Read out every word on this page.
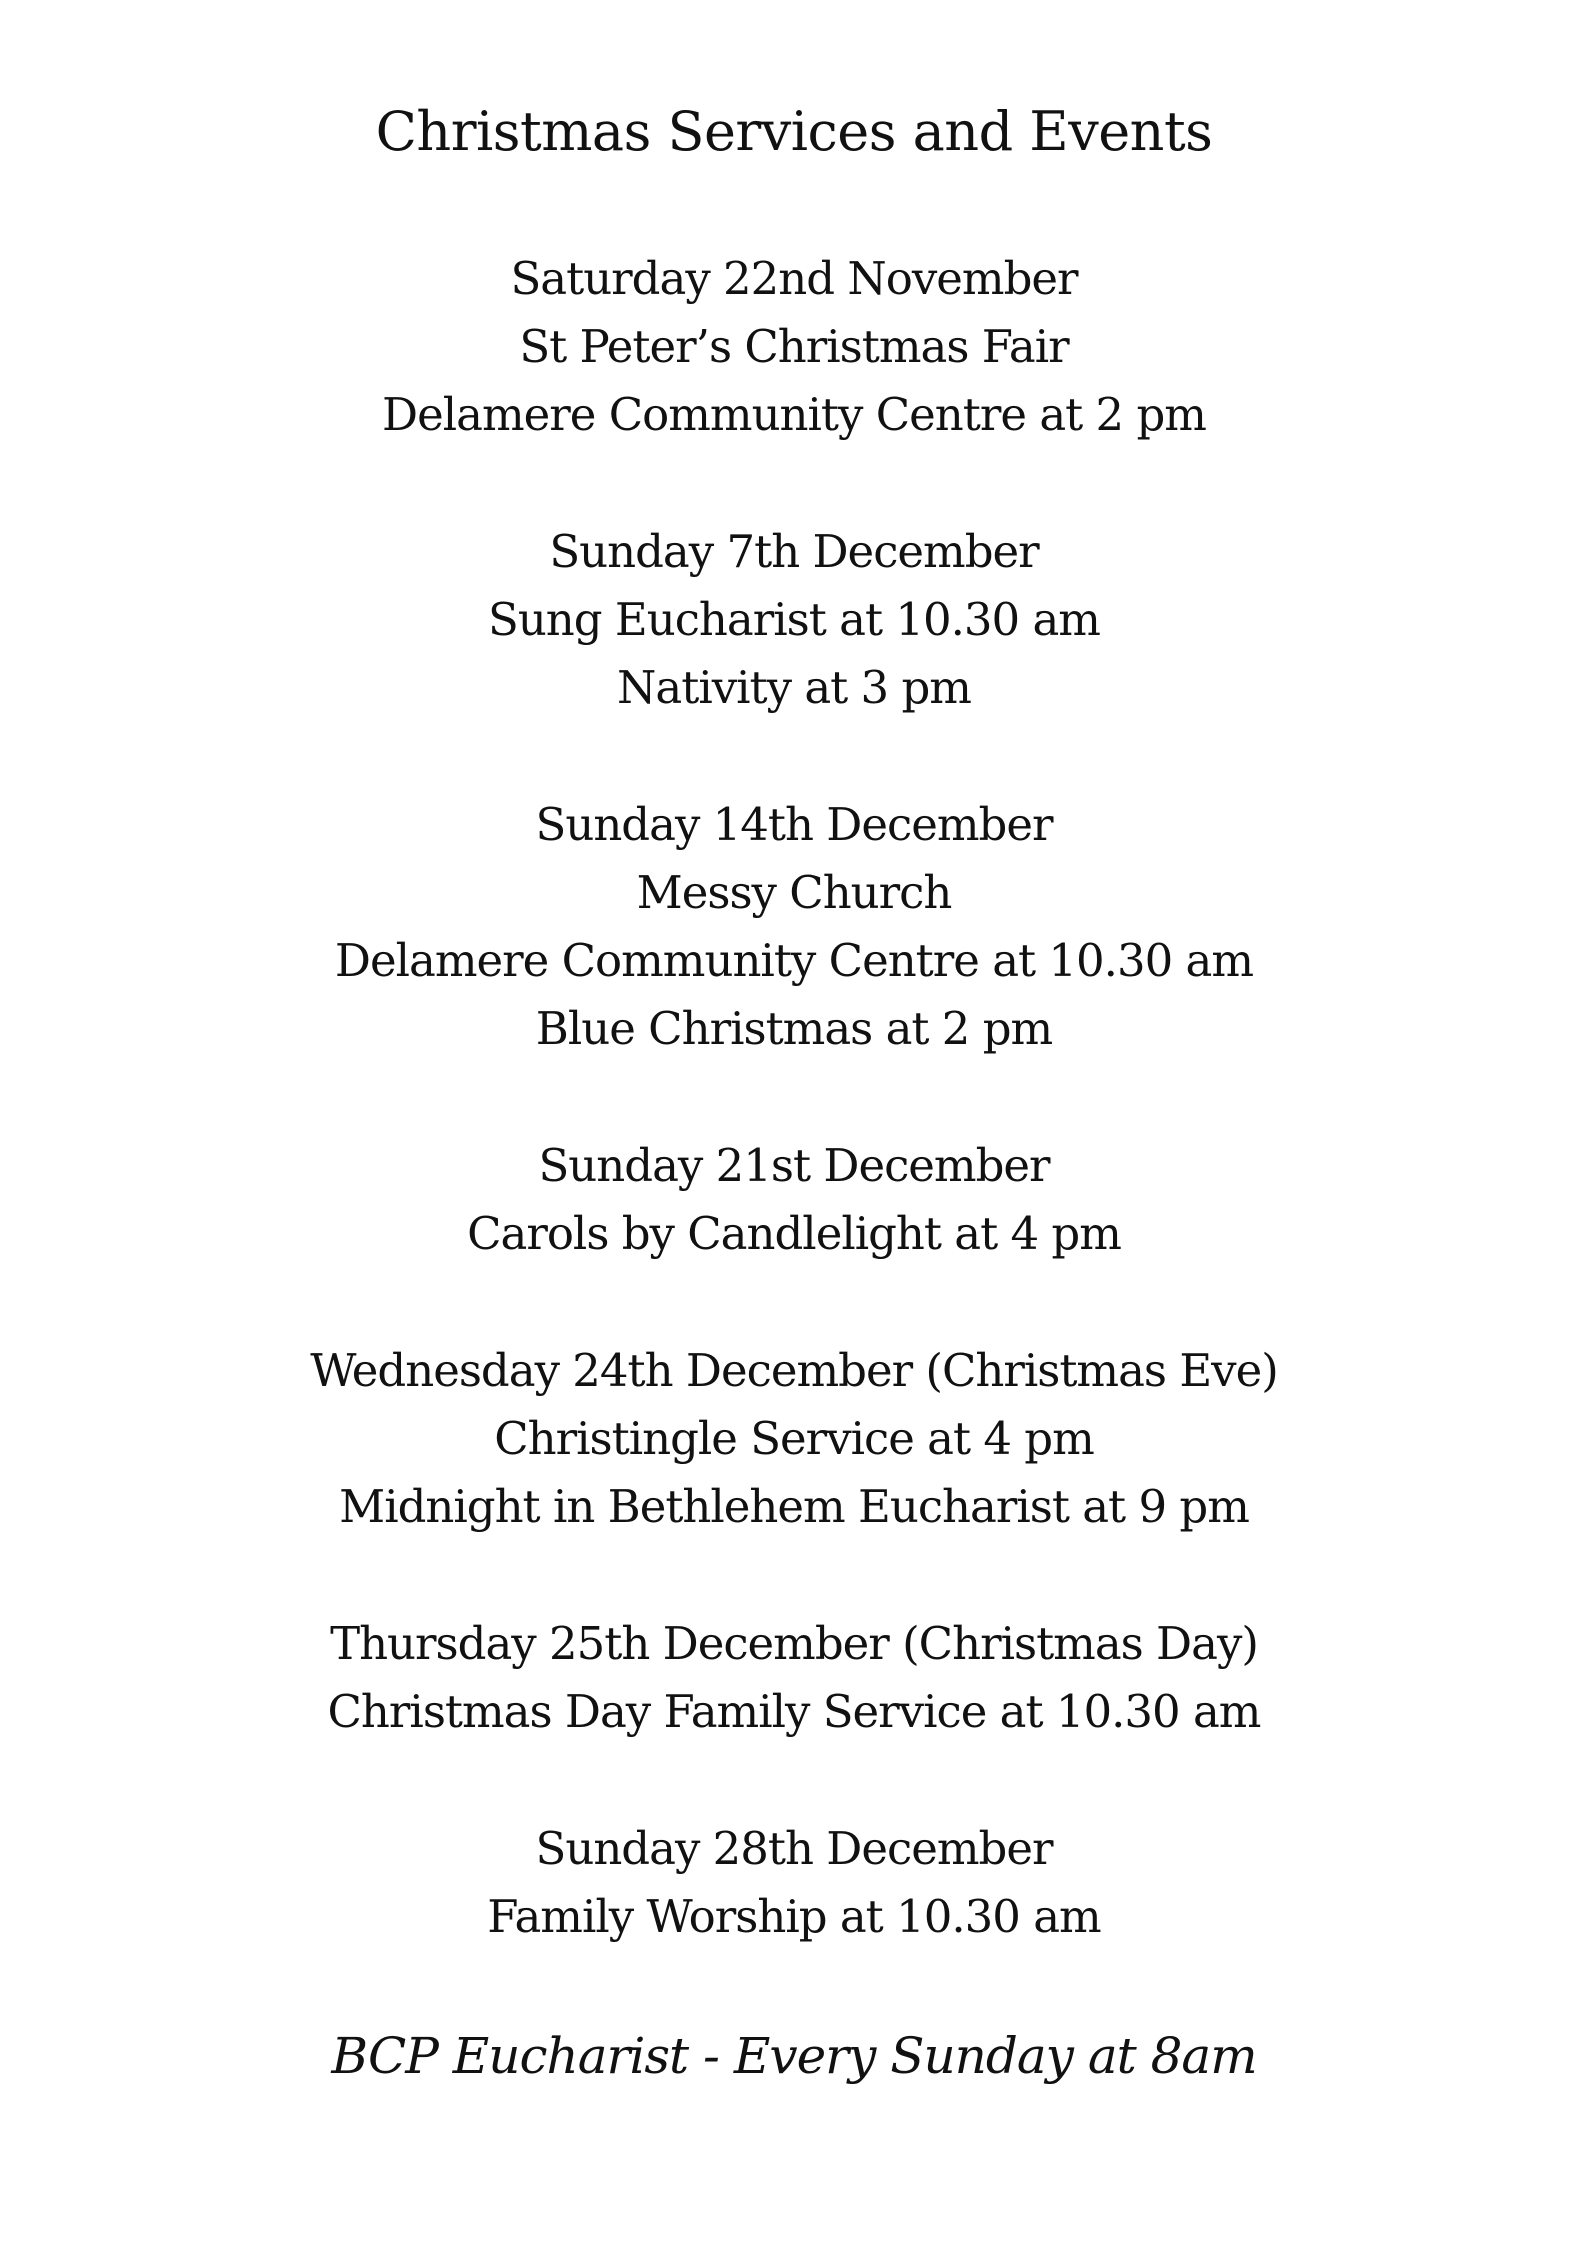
Christmas Services and Events
Saturday 22nd November
St Peter’s Christmas Fair
Delamere Community Centre at 2 pm
Sunday 7th December
Sung Eucharist at 10.30 am
Nativity at 3 pm
Sunday 14th December
Messy Church
Delamere Community Centre at 10.30 am
Blue Christmas at 2 pm
Sunday 21st December
Carols by Candlelight at 4 pm
Wednesday 24th December (Christmas Eve)
Christingle Service at 4 pm
Midnight in Bethlehem Eucharist at 9 pm
Thursday 25th December (Christmas Day)
Christmas Day Family Service at 10.30 am
Sunday 28th December
Family Worship at 10.30 am

BCP Eucharist - Every Sunday at 8am
